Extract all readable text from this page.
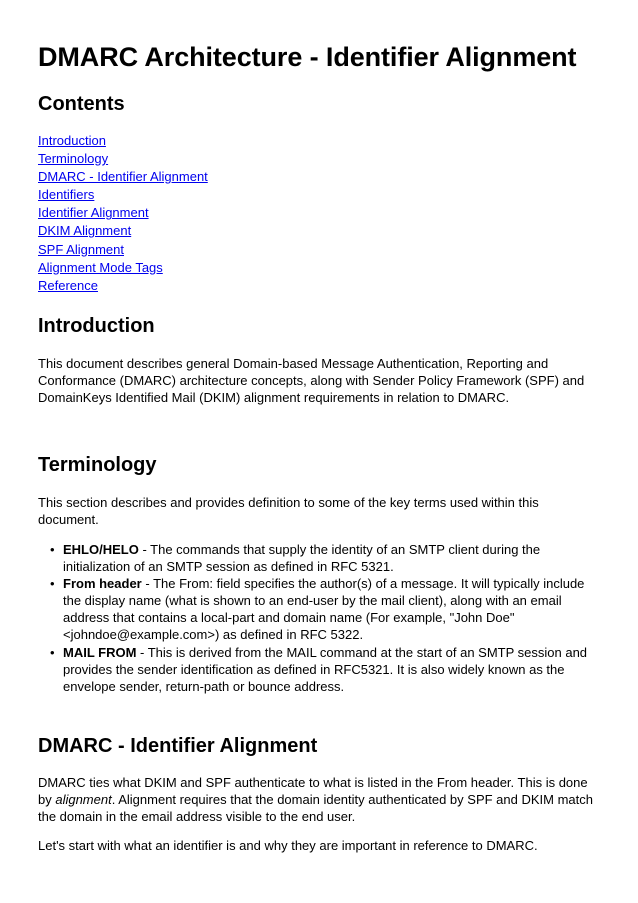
DMARC Architecture - Identifier Alignment
Contents
Introduction
Terminology
DMARC - Identifier Alignment
Identifiers
Identifier Alignment
DKIM Alignment
SPF Alignment
Alignment Mode Tags
Reference
Introduction

This document describes general Domain-based Message Authentication, Reporting and
Conformance (DMARC) architecture concepts, along with Sender Policy Framework (SPF) and
DomainKeys Identified Mail (DKIM) alignment requirements in relation to DMARC.

Terminology

This section describes and provides definition to some of the key terms used within this
document.

• EHLO/HELO - The commands that supply the identity of an SMTP client during the
initialization of an SMTP session as defined in RFC 5321.
• From header - The From: field specifies the author(s) of a message. It will typically include
the display name (what is shown to an end-user by the mail client), along with an email
address that contains a local-part and domain name (For example, "John Doe"
<johndoe@example.com>) as defined in RFC 5322.
• MAIL FROM - This is derived from the MAIL command at the start of an SMTP session and
provides the sender identification as defined in RFC5321. It is also widely known as the
envelope sender, return-path or bounce address.
DMARC - Identifier Alignment

DMARC ties what DKIM and SPF authenticate to what is listed in the From header. This is done
by alignment. Alignment requires that the domain identity authenticated by SPF and DKIM match
the domain in the email address visible to the end user.

Let's start with what an identifier is and why they are important in reference to DMARC.
